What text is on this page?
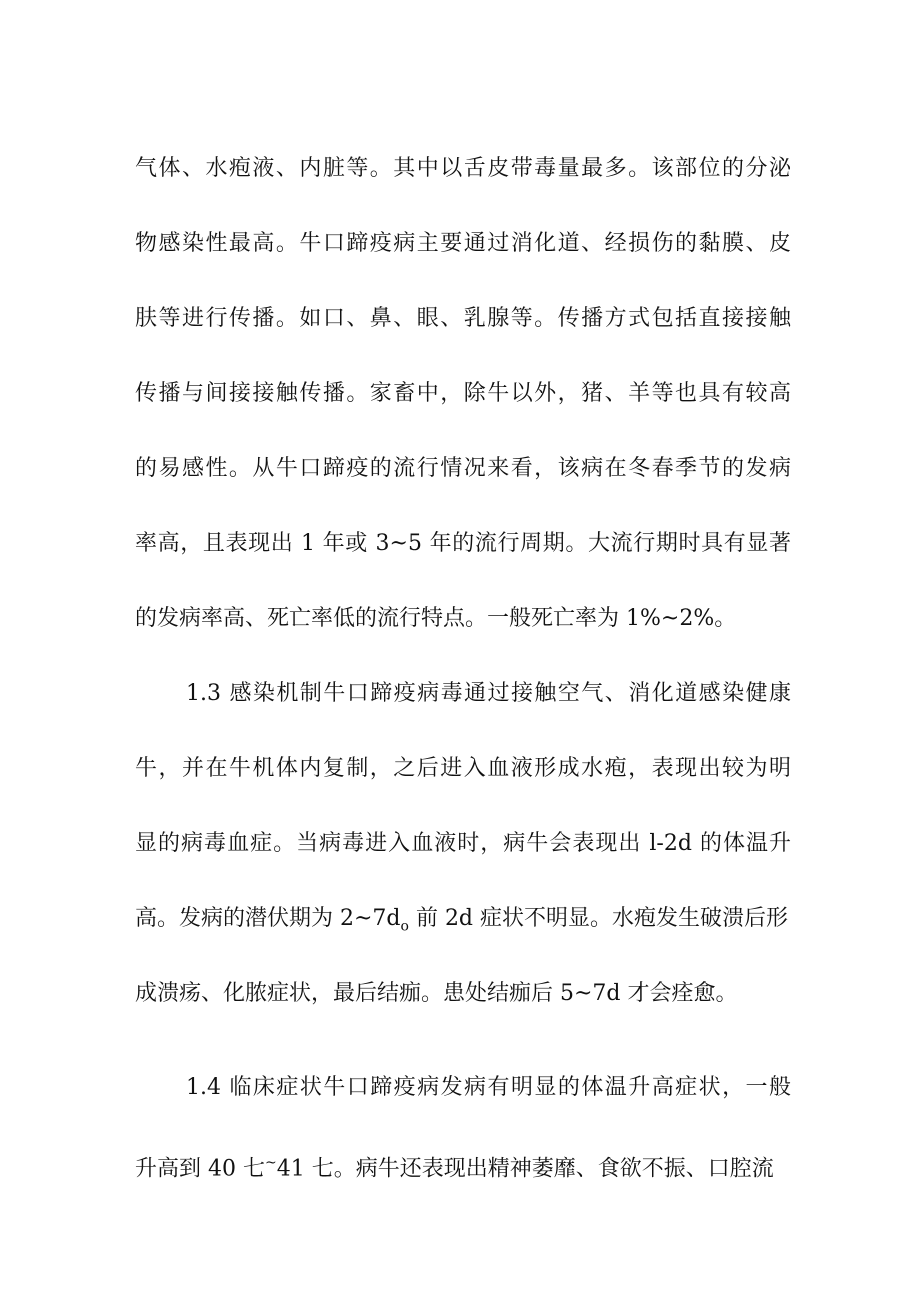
气体、水疱液、内脏等。其中以舌皮带毒量最多。该部位的分泌
物感染性最高。牛口蹄疫病主要通过消化道、经损伤的黏膜、皮
肤等进行传播。如口、鼻、眼、乳腺等。传播方式包括直接接触
传播与间接接触传播。家畜中，除牛以外，猪、羊等也具有较高
的易感性。从牛口蹄疫的流行情况来看，该病在冬春季节的发病
率高，且表现出 1 年或 3~5 年的流行周期。大流行期时具有显著
的发病率高、死亡率低的流行特点。一般死亡率为 1%~2%。
1.3 感染机制牛口蹄疫病毒通过接触空气、消化道感染健康
牛，并在牛机体内复制，之后进入血液形成水疱，表现出较为明
显的病毒血症。当病毒进入血液时，病牛会表现出 l-2d 的体温升
高。发病的潜伏期为 $2\sim 7d_o$ 前 2d 症状不明显。水疱发生破溃后形
成溃疡、化脓症状，最后结痂。患处结痂后 5~7d 才会痊愈。
1.4 临床症状牛口蹄疫病发病有明显的体温升高症状，一般
升高到 40 七~41 七。病牛还表现出精神萎靡、食欲不振、口腔流
